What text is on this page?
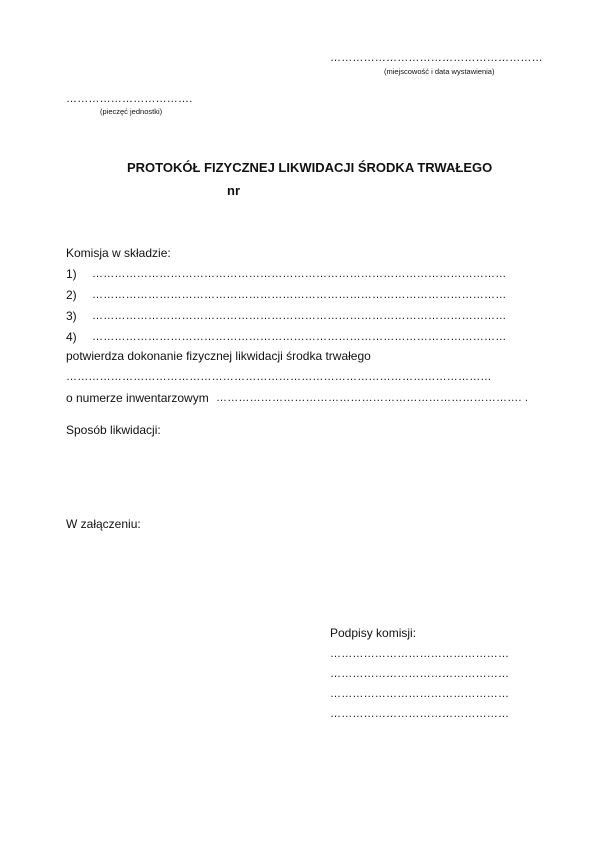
…………………………………………………
(miejscowość i data wystawienia)
…………………………….
(pieczęć jednostki)
PROTOKÓŁ FIZYCZNEJ LIKWIDACJI ŚRODKA TRWAŁEGO
nr
Komisja w składzie:
1) …………………………………………………………………………………………………
2) …………………………………………………………………………………………………
3) …………………………………………………………………………………………………
4) …………………………………………………………………………………………………
potwierdza dokonanie fizycznej likwidacji środka trwałego
……………………………………………………………………………………………………
o numerze inwentarzowym ………………………………………………………………………. .
Sposób likwidacji:
W załączeniu:
Podpisy komisji:
…………………………………………
…………………………………………
…………………………………………
…………………………………………
